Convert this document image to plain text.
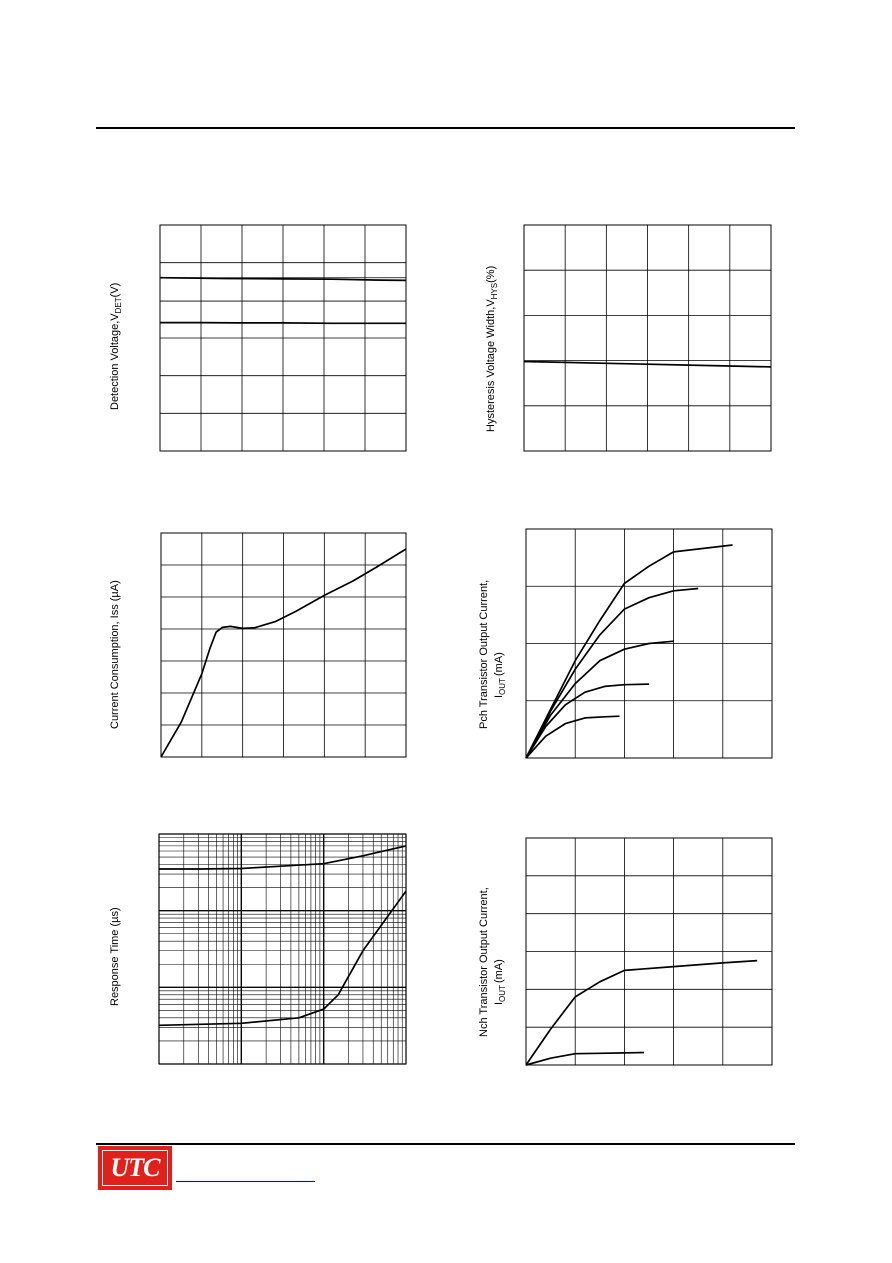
Detection $Voltage,V_{DET}(V)$
Hysteresis Voltage $Width,V_{HYS}(\%)$
Current Consumption, Iss (µA)	Pch Transistor Output Current, $I_{OUT}(mA)$
Response Time (µs)	Nch Transistor Output Current, $I_{OUT}(mA)$
UTC
